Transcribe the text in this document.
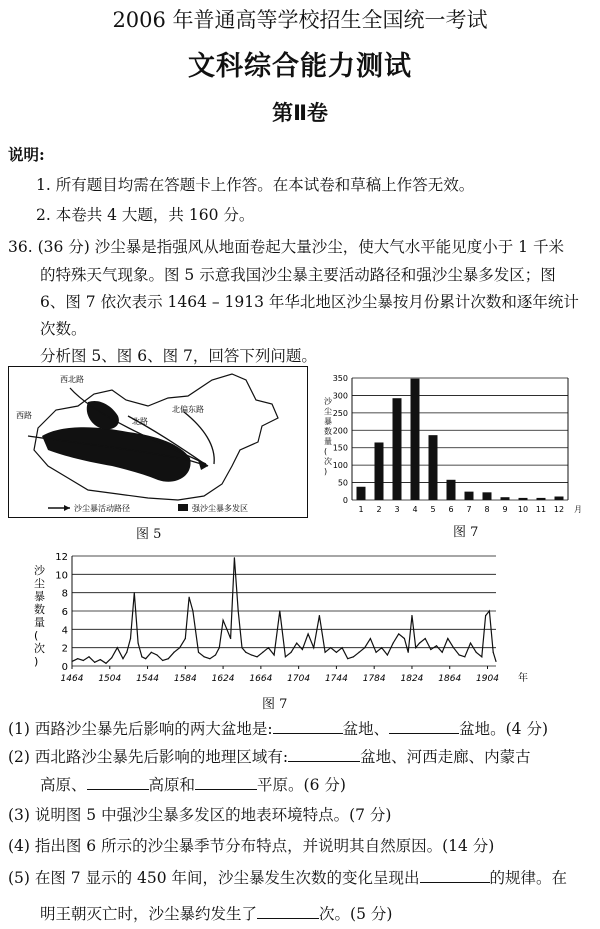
2006 年普通高等学校招生全国统一考试
文科综合能力测试
第Ⅱ卷
说明:
1. 所有题目均需在答题卡上作答。在本试卷和草稿上作答无效。
2. 本卷共 4 大题，共 160 分。
36. (36 分) 沙尘暴是指强风从地面卷起大量沙尘，使大气水平能见度小于 1 千米
的特殊天气现象。图 5 示意我国沙尘暴主要活动路径和强沙尘暴多发区；图
6、图 7 依次表示 1464 – 1913 年华北地区沙尘暴按月份累计次数和逐年统计
次数。
分析图 5、图 6、图 7，回答下列问题。
西北路
西路
北路
北偏东路
沙尘暴活动路径	强沙尘暴多发区
图 5
沙尘暴数量(次)
0
50
100
150
200
250
300
350
1 2 3 4 5 6 7 8 9 10 11 12 月
图 7
0
2
4
6
8
10
12
1464 1504 1544 1584 1624 1664 1704 1744 1784 1824 1864 1904 年
沙尘暴数量(次)
图 7
(1) 西路沙尘暴先后影响的两大盆地是:	盆地、	盆地。(4 分)
(2) 西北路沙尘暴先后影响的地理区域有:	盆地、河西走廊、内蒙古
高原、	高原和	平原。(6 分)
(3) 说明图 5 中强沙尘暴多发区的地表环境特点。(7 分)
(4) 指出图 6 所示的沙尘暴季节分布特点，并说明其自然原因。(14 分)
(5) 在图 7 显示的 450 年间，沙尘暴发生次数的变化呈现出	的规律。在
明王朝灭亡时，沙尘暴约发生了	次。(5 分)
